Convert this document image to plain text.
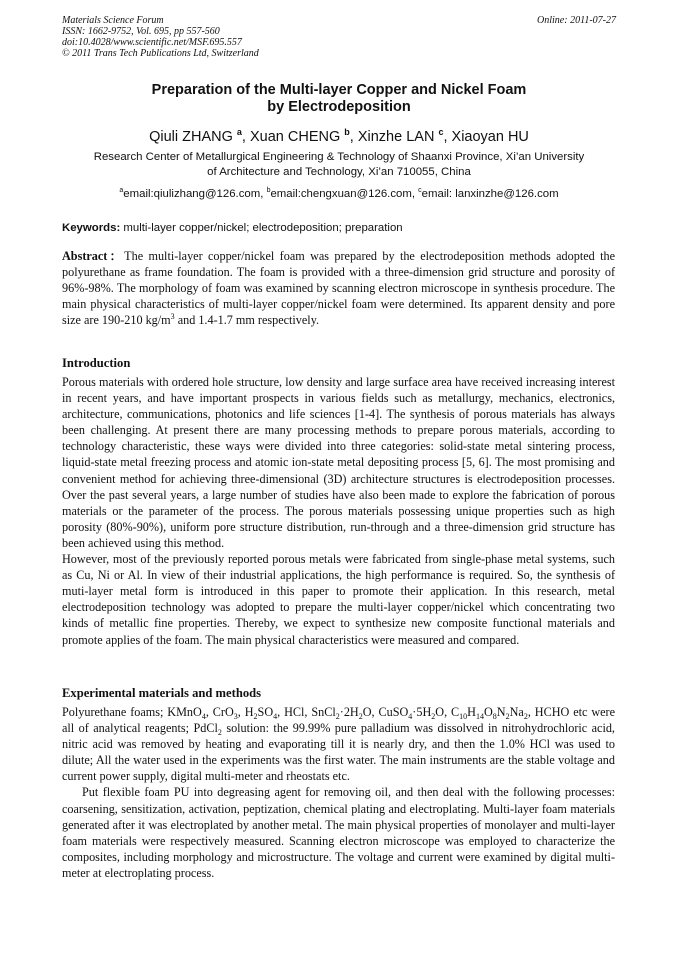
Materials Science Forum
ISSN: 1662-9752, Vol. 695, pp 557-560
doi:10.4028/www.scientific.net/MSF.695.557
© 2011 Trans Tech Publications Ltd, Switzerland
Online: 2011-07-27
Preparation of the Multi-layer Copper and Nickel Foam
by Electrodeposition
Qiuli ZHANG $^a$, Xuan CHENG $^b$, Xinzhe LAN $^c$, Xiaoyan HU
Research Center of Metallurgical Engineering & Technology of Shaanxi Province, Xi’an University
of Architecture and Technology, Xi’an 710055, China
$^a$email:qiulizhang@126.com, $^b$email:chengxuan@126.com, $^c$email: lanxinzhe@126.com
Keywords: multi-layer copper/nickel; electrodeposition; preparation

Abstract：The multi-layer copper/nickel foam was prepared by the electrodeposition methods adopted the polyurethane as frame foundation. The foam is provided with a three-dimension grid structure and porosity of 96%-98%. The morphology of foam was examined by scanning electron microscope in synthesis procedure. The main physical characteristics of multi-layer copper/nickel foam were determined. Its apparent density and pore size are 190-210 $kg/m^3$ and 1.4-1.7 mm respectively.

Introduction

Porous materials with ordered hole structure, low density and large surface area have received increasing interest in recent years, and have important prospects in various fields such as metallurgy, mechanics, electronics, architecture, communications, photonics and life sciences [1-4]. The synthesis of porous materials has always been challenging. At present there are many processing methods to prepare porous materials, according to technology characteristic, these ways were divided into three categories: solid-state metal sintering process, liquid-state metal freezing process and atomic ion-state metal depositing process [5, 6]. The most promising and convenient method for achieving three-dimensional (3D) architecture structures is electrodeposition processes. Over the past several years, a large number of studies have also been made to explore the fabrication of porous materials or the parameter of the process. The porous materials possessing unique properties such as high porosity (80%-90%), uniform pore structure distribution, run-through and a three-dimension grid structure has been achieved using this method.

However, most of the previously reported porous metals were fabricated from single-phase metal systems, such as Cu, Ni or Al. In view of their industrial applications, the high performance is required. So, the synthesis of muti-layer metal form is introduced in this paper to promote their application. In this research, metal electrodeposition technology was adopted to prepare the multi-layer copper/nickel which concentrating two kinds of metallic fine properties. Thereby, we expect to synthesize new composite functional materials and promote applies of the foam. The main physical characteristics were measured and compared.

Experimental materials and methods

Polyurethane foams; KMnO$_4$, CrO$_3$, $H_2SO_4$, HCl, $SnCl_2\cdot 2H_2O$, $CuSO_4\cdot 5H_2O$, $C_{10}H_{14}O_8N_2Na_2$, HCHO etc were all of analytical reagents; PdCl$_2$ solution: the 99.99% pure palladium was dissolved in nitrohydrochloric acid, nitric acid was removed by heating and evaporating till it is nearly dry, and then the 1.0% HCl was used to dilute; All the water used in the experiments was the first water. The main instruments are the stable voltage and current power supply, digital multi-meter and rheostats etc.

Put flexible foam PU into degreasing agent for removing oil, and then deal with the following processes: coarsening, sensitization, activation, peptization, chemical plating and electroplating. Multi-layer foam materials generated after it was electroplated by another metal. The main physical properties of monolayer and multi-layer foam materials were respectively measured. Scanning electron microscope was employed to characterize the composites, including morphology and microstructure. The voltage and current were examined by digital multi-meter at electroplating process.
